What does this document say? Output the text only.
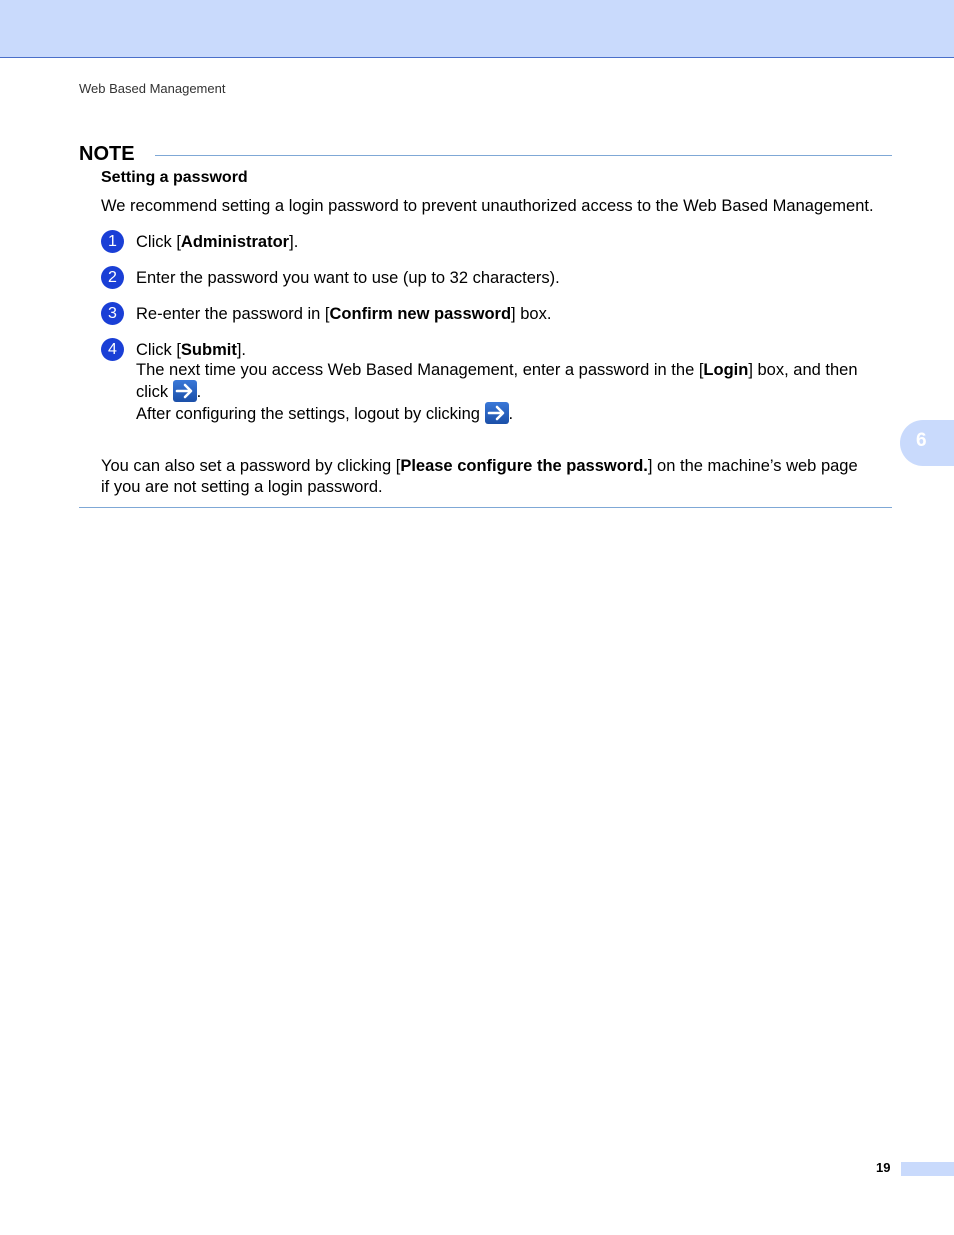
Web Based Management
NOTE
Setting a password
We recommend setting a login password to prevent unauthorized access to the Web Based Management.
1	Click [Administrator].
2	Enter the password you want to use (up to 32 characters).
3	Re-enter the password in [Confirm new password] box.
4	Click [Submit].
The next time you access Web Based Management, enter a password in the [Login] box, and then
click
.
After configuring the settings, logout by clicking
.
You can also set a password by clicking [Please configure the password.] on the machine’s web page
if you are not setting a login password.
6
19
